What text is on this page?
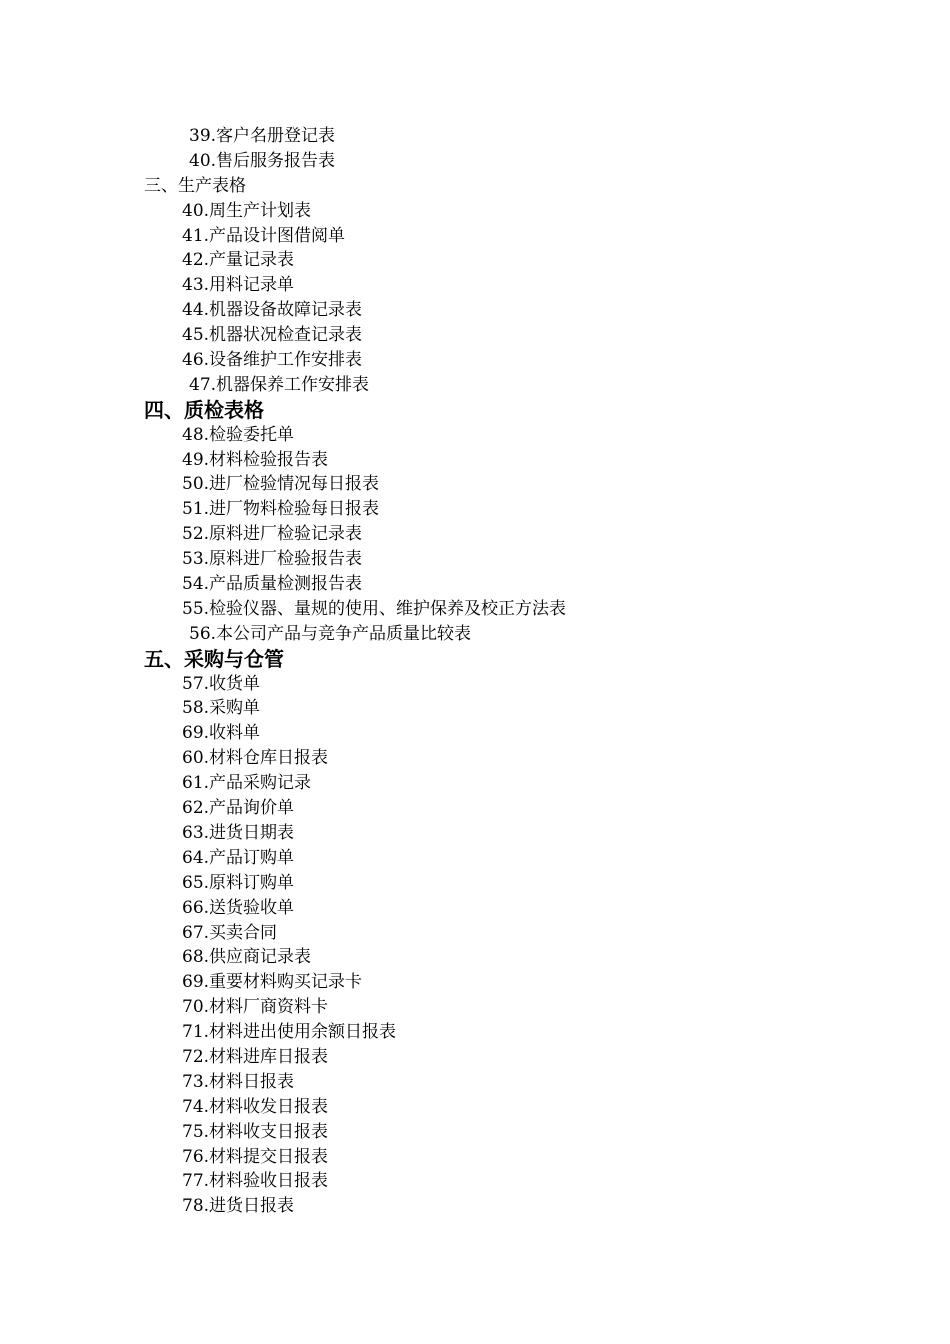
39.客户名册登记表
40.售后服务报告表
三、生产表格
40.周生产计划表
41.产品设计图借阅单
42.产量记录表
43.用料记录单
44.机器设备故障记录表
45.机器状况检查记录表
46.设备维护工作安排表
47.机器保养工作安排表
四、质检表格
48.检验委托单
49.材料检验报告表
50.进厂检验情况每日报表
51.进厂物料检验每日报表
52.原料进厂检验记录表
53.原料进厂检验报告表
54.产品质量检测报告表
55.检验仪器、量规的使用、维护保养及校正方法表
56.本公司产品与竞争产品质量比较表
五、采购与仓管
57.收货单
58.采购单
69.收料单
60.材料仓库日报表
61.产品采购记录
62.产品询价单
63.进货日期表
64.产品订购单
65.原料订购单
66.送货验收单
67.买卖合同
68.供应商记录表
69.重要材料购买记录卡
70.材料厂商资料卡
71.材料进出使用余额日报表
72.材料进库日报表
73.材料日报表
74.材料收发日报表
75.材料收支日报表
76.材料提交日报表
77.材料验收日报表
78.进货日报表
